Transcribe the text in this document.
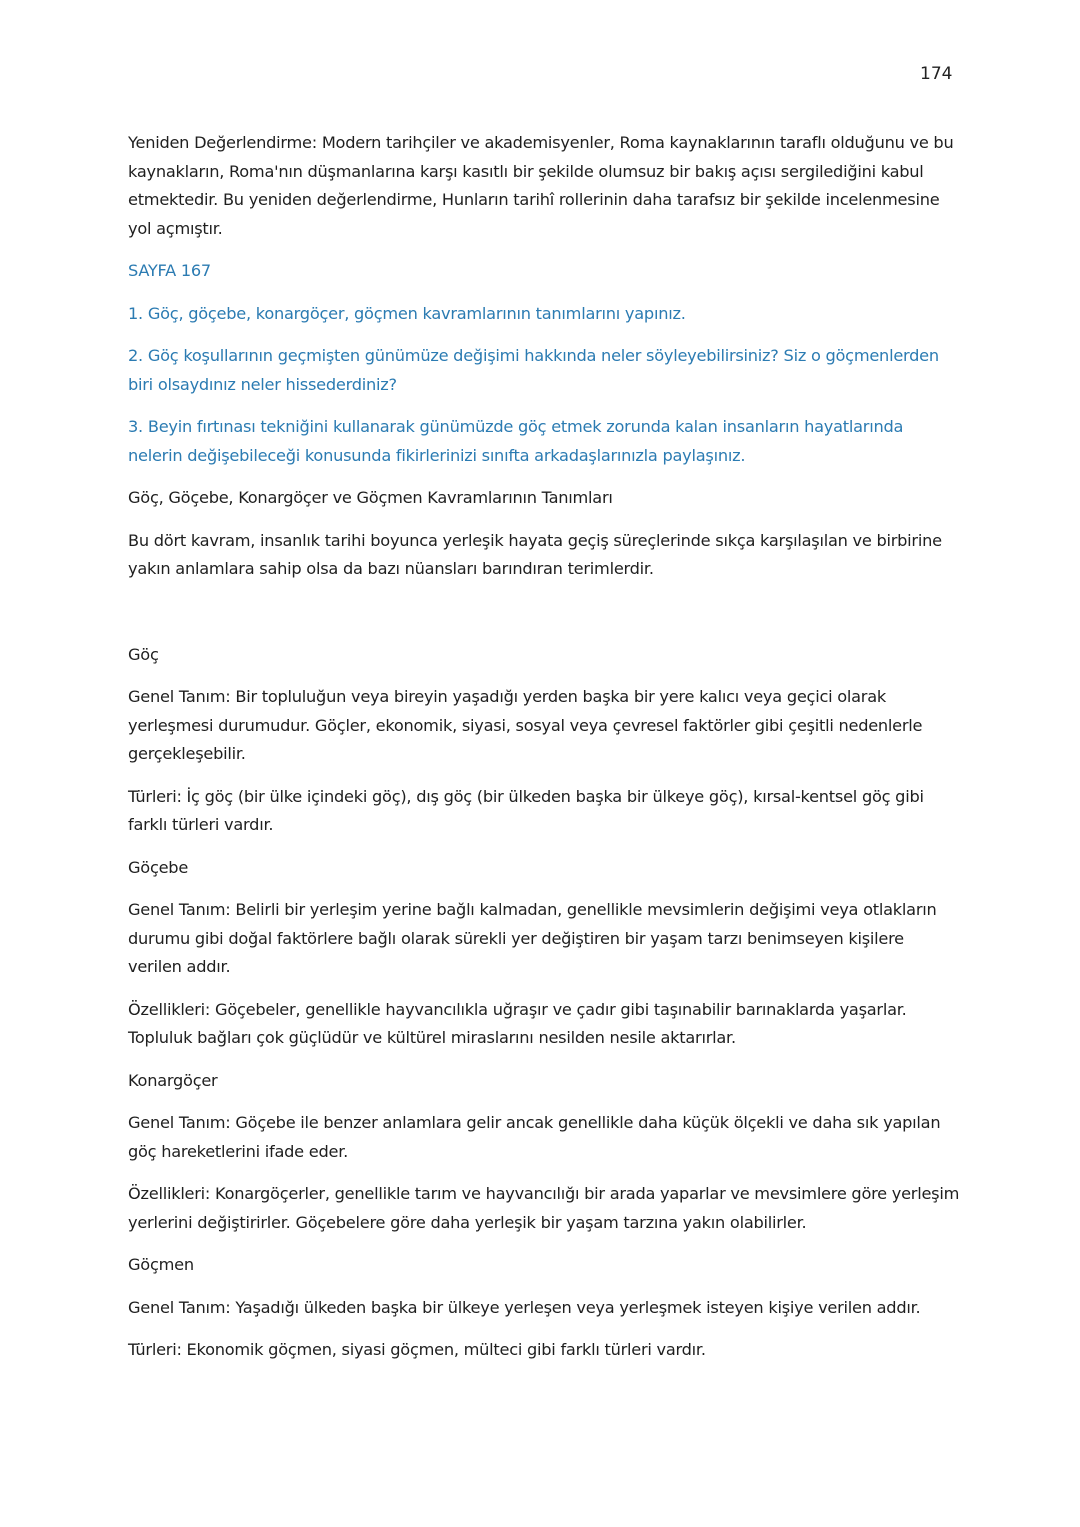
174

Yeniden Değerlendirme: Modern tarihçiler ve akademisyenler, Roma kaynaklarının taraflı olduğunu ve bu kaynakların, Roma'nın düşmanlarına karşı kasıtlı bir şekilde olumsuz bir bakış açısı sergilediğini kabul etmektedir. Bu yeniden değerlendirme, Hunların tarihî rollerinin daha tarafsız bir şekilde incelenmesine yol açmıştır.

SAYFA 167

1. Göç, göçebe, konargöçer, göçmen kavramlarının tanımlarını yapınız.

2. Göç koşullarının geçmişten günümüze değişimi hakkında neler söyleyebilirsiniz? Siz o göçmenlerden biri olsaydınız neler hissederdiniz?

3. Beyin fırtınası tekniğini kullanarak günümüzde göç etmek zorunda kalan insanların hayatlarında nelerin değişebileceği konusunda fikirlerinizi sınıfta arkadaşlarınızla paylaşınız.

Göç, Göçebe, Konargöçer ve Göçmen Kavramlarının Tanımları

Bu dört kavram, insanlık tarihi boyunca yerleşik hayata geçiş süreçlerinde sıkça karşılaşılan ve birbirine yakın anlamlara sahip olsa da bazı nüansları barındıran terimlerdir.

Göç

Genel Tanım: Bir topluluğun veya bireyin yaşadığı yerden başka bir yere kalıcı veya geçici olarak yerleşmesi durumudur. Göçler, ekonomik, siyasi, sosyal veya çevresel faktörler gibi çeşitli nedenlerle gerçekleşebilir.

Türleri: İç göç (bir ülke içindeki göç), dış göç (bir ülkeden başka bir ülkeye göç), kırsal-kentsel göç gibi farklı türleri vardır.

Göçebe

Genel Tanım: Belirli bir yerleşim yerine bağlı kalmadan, genellikle mevsimlerin değişimi veya otlakların durumu gibi doğal faktörlere bağlı olarak sürekli yer değiştiren bir yaşam tarzı benimseyen kişilere verilen addır.

Özellikleri: Göçebeler, genellikle hayvancılıkla uğraşır ve çadır gibi taşınabilir barınaklarda yaşarlar. Topluluk bağları çok güçlüdür ve kültürel miraslarını nesilden nesile aktarırlar.

Konargöçer

Genel Tanım: Göçebe ile benzer anlamlara gelir ancak genellikle daha küçük ölçekli ve daha sık yapılan göç hareketlerini ifade eder.

Özellikleri: Konargöçerler, genellikle tarım ve hayvancılığı bir arada yaparlar ve mevsimlere göre yerleşim yerlerini değiştirirler. Göçebelere göre daha yerleşik bir yaşam tarzına yakın olabilirler.

Göçmen

Genel Tanım: Yaşadığı ülkeden başka bir ülkeye yerleşen veya yerleşmek isteyen kişiye verilen addır.

Türleri: Ekonomik göçmen, siyasi göçmen, mülteci gibi farklı türleri vardır.
